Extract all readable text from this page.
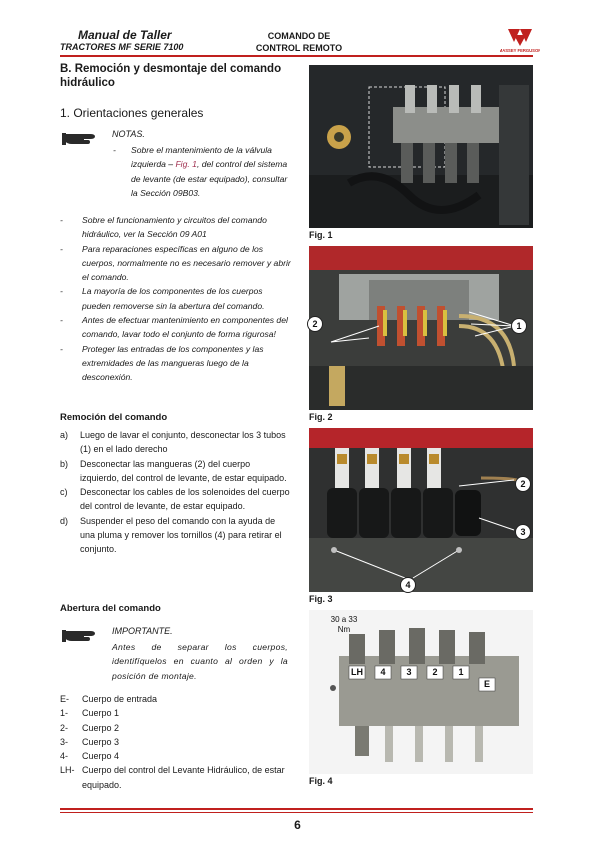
Manual de Taller
TRACTORES MF SERIE 7100
COMANDO DE
CONTROL REMOTO	MASSEY FERGUSON
B. Remoción y desmontaje del comando hidráulico
1. Orientaciones generales
NOTAS.
-	Sobre el mantenimiento de la válvula izquierda – Fig. 1, del control del sistema de levante (de estar equipado), consultar la Sección 09B03.
-	Sobre el funcionamiento y circuitos del comando hidráulico, ver la Sección 09 A01
-	Para reparaciones específicas en alguno de los cuerpos, normalmente no es necesario remover y abrir el comando.
-	La mayoría de los componentes de los cuerpos pueden removerse sin la abertura del comando.
-	Antes de efectuar mantenimiento en componentes del comando, lavar todo el conjunto de forma rigurosa!
-	Proteger las entradas de los componentes y las extremidades de las mangueras luego de la desconexión.
Remoción del comando
a)	Luego de lavar el conjunto, desconectar los 3 tubos (1) en el lado derecho
b)	Desconectar las mangueras (2) del cuerpo izquierdo, del control de levante, de estar equipado.
c)	Desconectar los cables de los solenoides del cuerpo del control de levante, de estar equipado.
d)	Suspender el peso del comando con la ayuda de una pluma y remover los tornillos (4) para retirar el conjunto.
Abertura del comando
IMPORTANTE.
Antes de separar los cuerpos, identifíquelos en cuanto al orden y la posición de montaje.
E-	Cuerpo de entrada
1-	Cuerpo 1
2-	Cuerpo 2
3-	Cuerpo 3
4-	Cuerpo 4
LH- Cuerpo del control del Levante Hidráulico, de estar equipado.
Fig. 1
2	1
Fig. 2
2
3
4
Fig. 3
30 a 33
Nm
LH	4	3	2	1
E
Fig. 4
6
